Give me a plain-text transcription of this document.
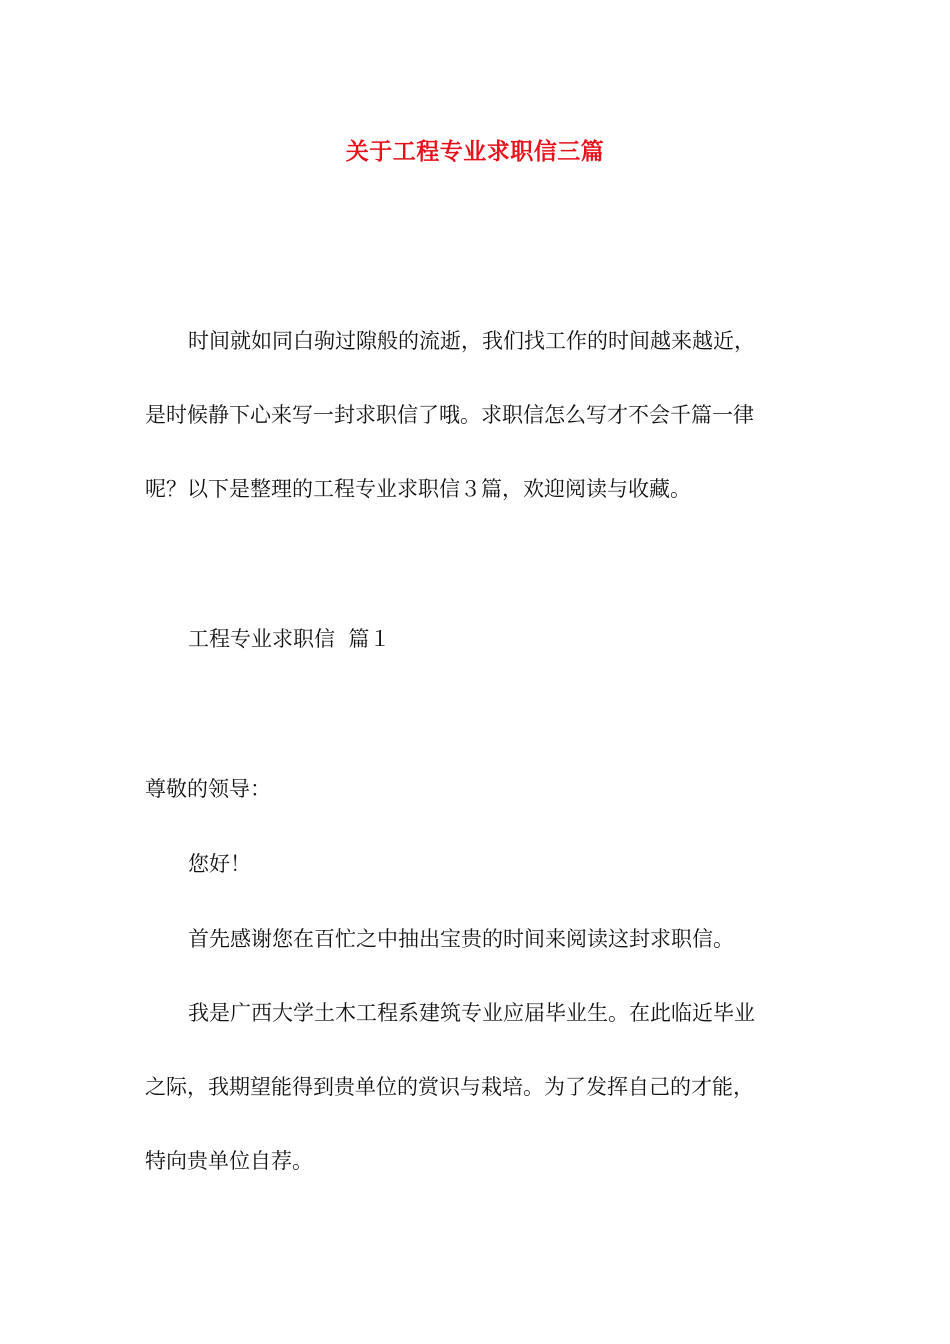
关于工程专业求职信三篇
时间就如同白驹过隙般的流逝，我们找工作的时间越来越近，
是时候静下心来写一封求职信了哦。求职信怎么写才不会千篇一律
呢？以下是整理的工程专业求职信３篇，欢迎阅读与收藏。
工程专业求职信  篇１
尊敬的领导：
您好！
首先感谢您在百忙之中抽出宝贵的时间来阅读这封求职信。
我是广西大学土木工程系建筑专业应届毕业生。在此临近毕业
之际，我期望能得到贵单位的赏识与栽培。为了发挥自己的才能，
特向贵单位自荐。
